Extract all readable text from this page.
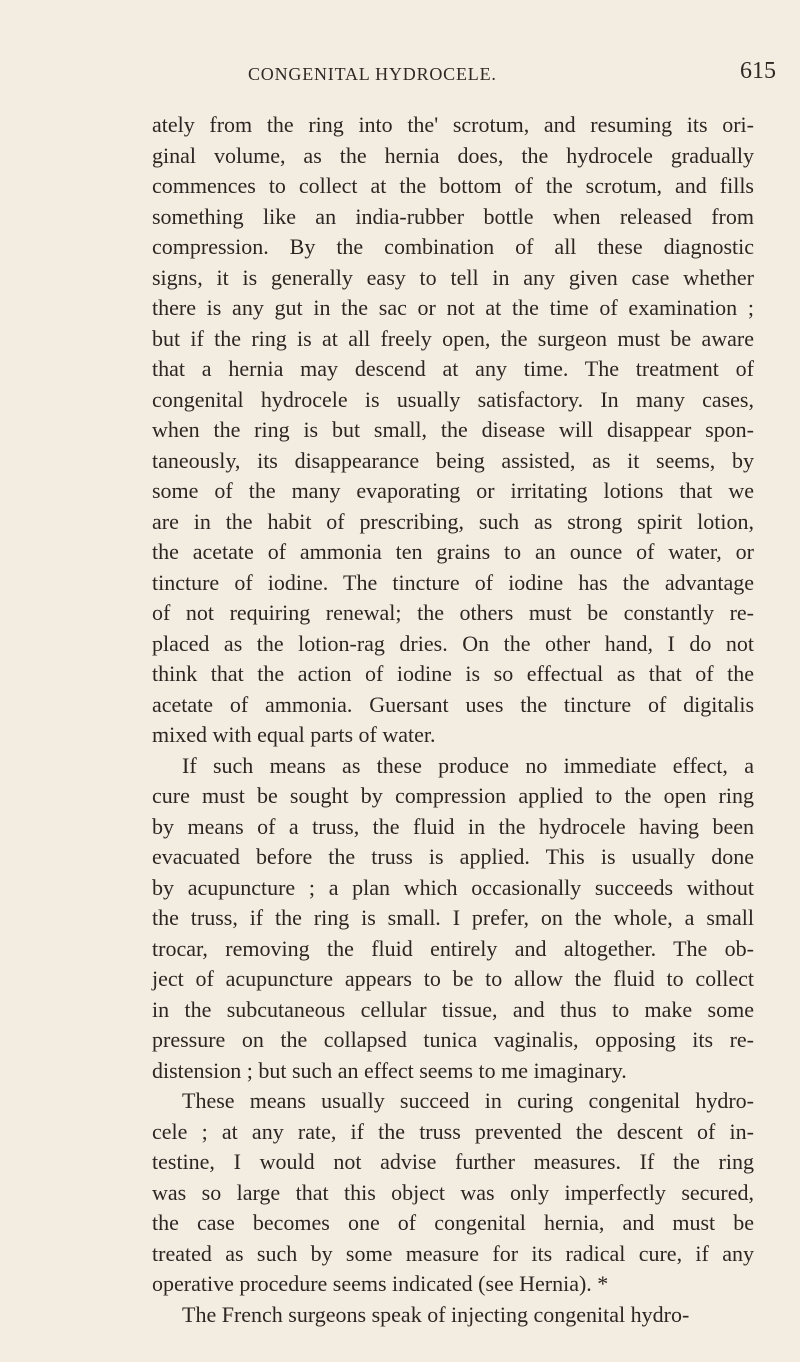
CONGENITAL HYDROCELE.	615
ately from the ring into the' scrotum, and resuming its ori-
ginal volume, as the hernia does, the hydrocele gradually
commences to collect at the bottom of the scrotum, and fills
something like an india-rubber bottle when released from
compression. By the combination of all these diagnostic
signs, it is generally easy to tell in any given case whether
there is any gut in the sac or not at the time of examination ;
but if the ring is at all freely open, the surgeon must be aware
that a hernia may descend at any time. The treatment of
congenital hydrocele is usually satisfactory. In many cases,
when the ring is but small, the disease will disappear spon-
taneously, its disappearance being assisted, as it seems, by
some of the many evaporating or irritating lotions that we
are in the habit of prescribing, such as strong spirit lotion,
the acetate of ammonia ten grains to an ounce of water, or
tincture of iodine. The tincture of iodine has the advantage
of not requiring renewal; the others must be constantly re-
placed as the lotion-rag dries. On the other hand, I do not
think that the action of iodine is so effectual as that of the
acetate of ammonia. Guersant uses the tincture of digitalis
mixed with equal parts of water.
If such means as these produce no immediate effect, a
cure must be sought by compression applied to the open ring
by means of a truss, the fluid in the hydrocele having been
evacuated before the truss is applied. This is usually done
by acupuncture ; a plan which occasionally succeeds without
the truss, if the ring is small. I prefer, on the whole, a small
trocar, removing the fluid entirely and altogether. The ob-
ject of acupuncture appears to be to allow the fluid to collect
in the subcutaneous cellular tissue, and thus to make some
pressure on the collapsed tunica vaginalis, opposing its re-
distension ; but such an effect seems to me imaginary.
These means usually succeed in curing congenital hydro-
cele ; at any rate, if the truss prevented the descent of in-
testine, I would not advise further measures. If the ring
was so large that this object was only imperfectly secured,
the case becomes one of congenital hernia, and must be
treated as such by some measure for its radical cure, if any
operative procedure seems indicated (see Hernia). *
The French surgeons speak of injecting congenital hydro-
